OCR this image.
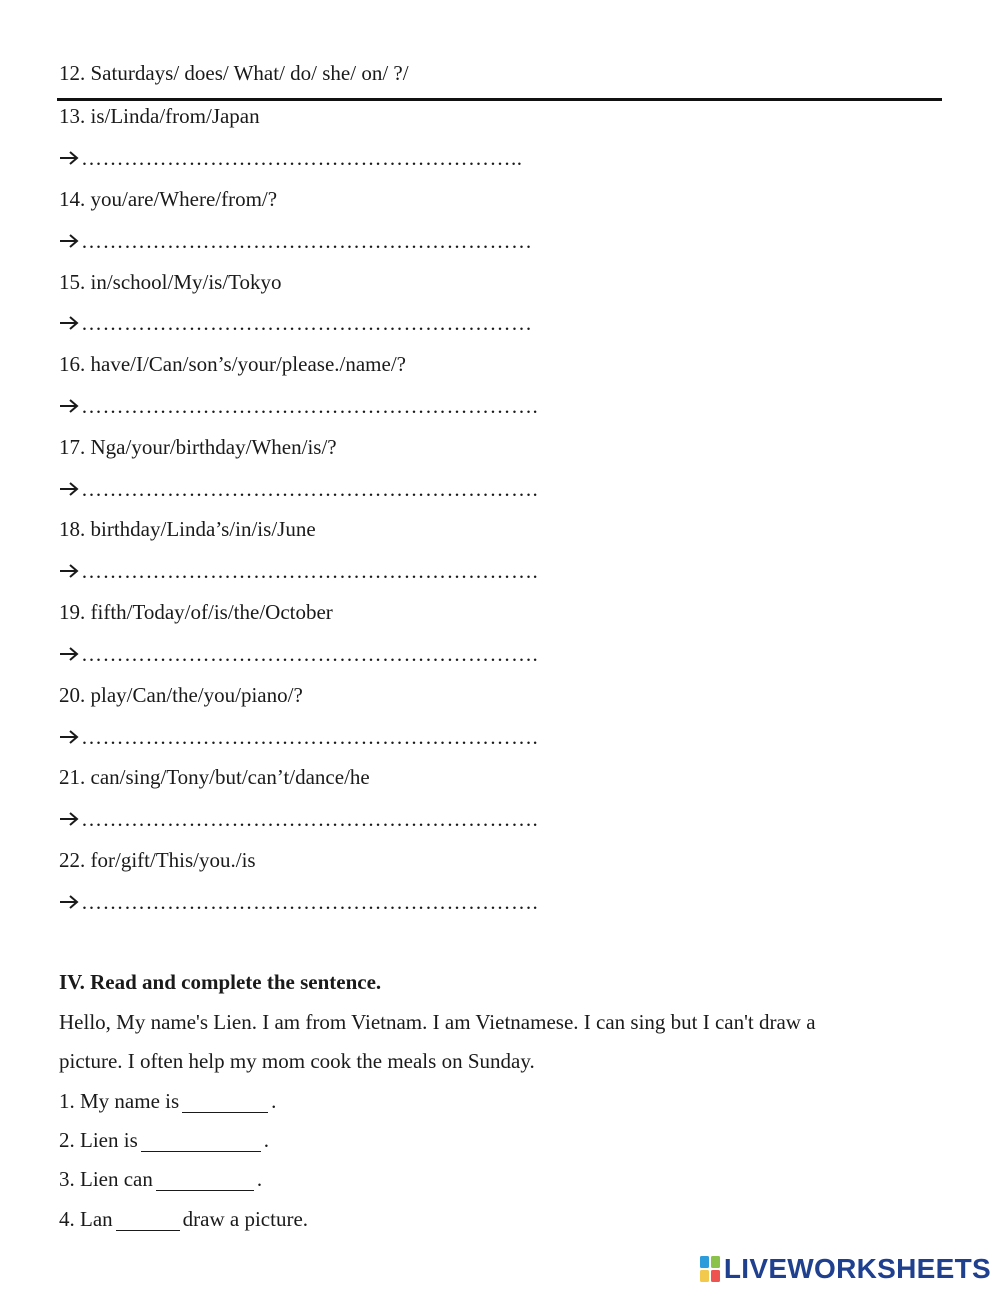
12. Saturdays/ does/ What/ do/ she/ on/ ?/

13. is/Linda/from/Japan

……………………………………………………..

14. you/are/Where/from/?

………………………………………………………

15. in/school/My/is/Tokyo

………………………………………………………

16. have/I/Can/son’s/your/please./name/?

……………………………………………………….

17. Nga/your/birthday/When/is/?

……………………………………………………….

18. birthday/Linda’s/in/is/June

……………………………………………………….

19. fifth/Today/of/is/the/October

……………………………………………………….

20. play/Can/the/you/piano/?

……………………………………………………….

21. can/sing/Tony/but/can’t/dance/he

……………………………………………………….

22. for/gift/This/you./is

……………………………………………………….

IV. Read and complete the sentence.

Hello, My name's Lien. I am from Vietnam. I am Vietnamese. I can sing but I can't draw a

picture. I often help my mom cook the meals on Sunday.

1. My name is	.
2. Lien is	.
3. Lien can	.
4. Lan	draw a picture.
LIVEWORKSHEETS
